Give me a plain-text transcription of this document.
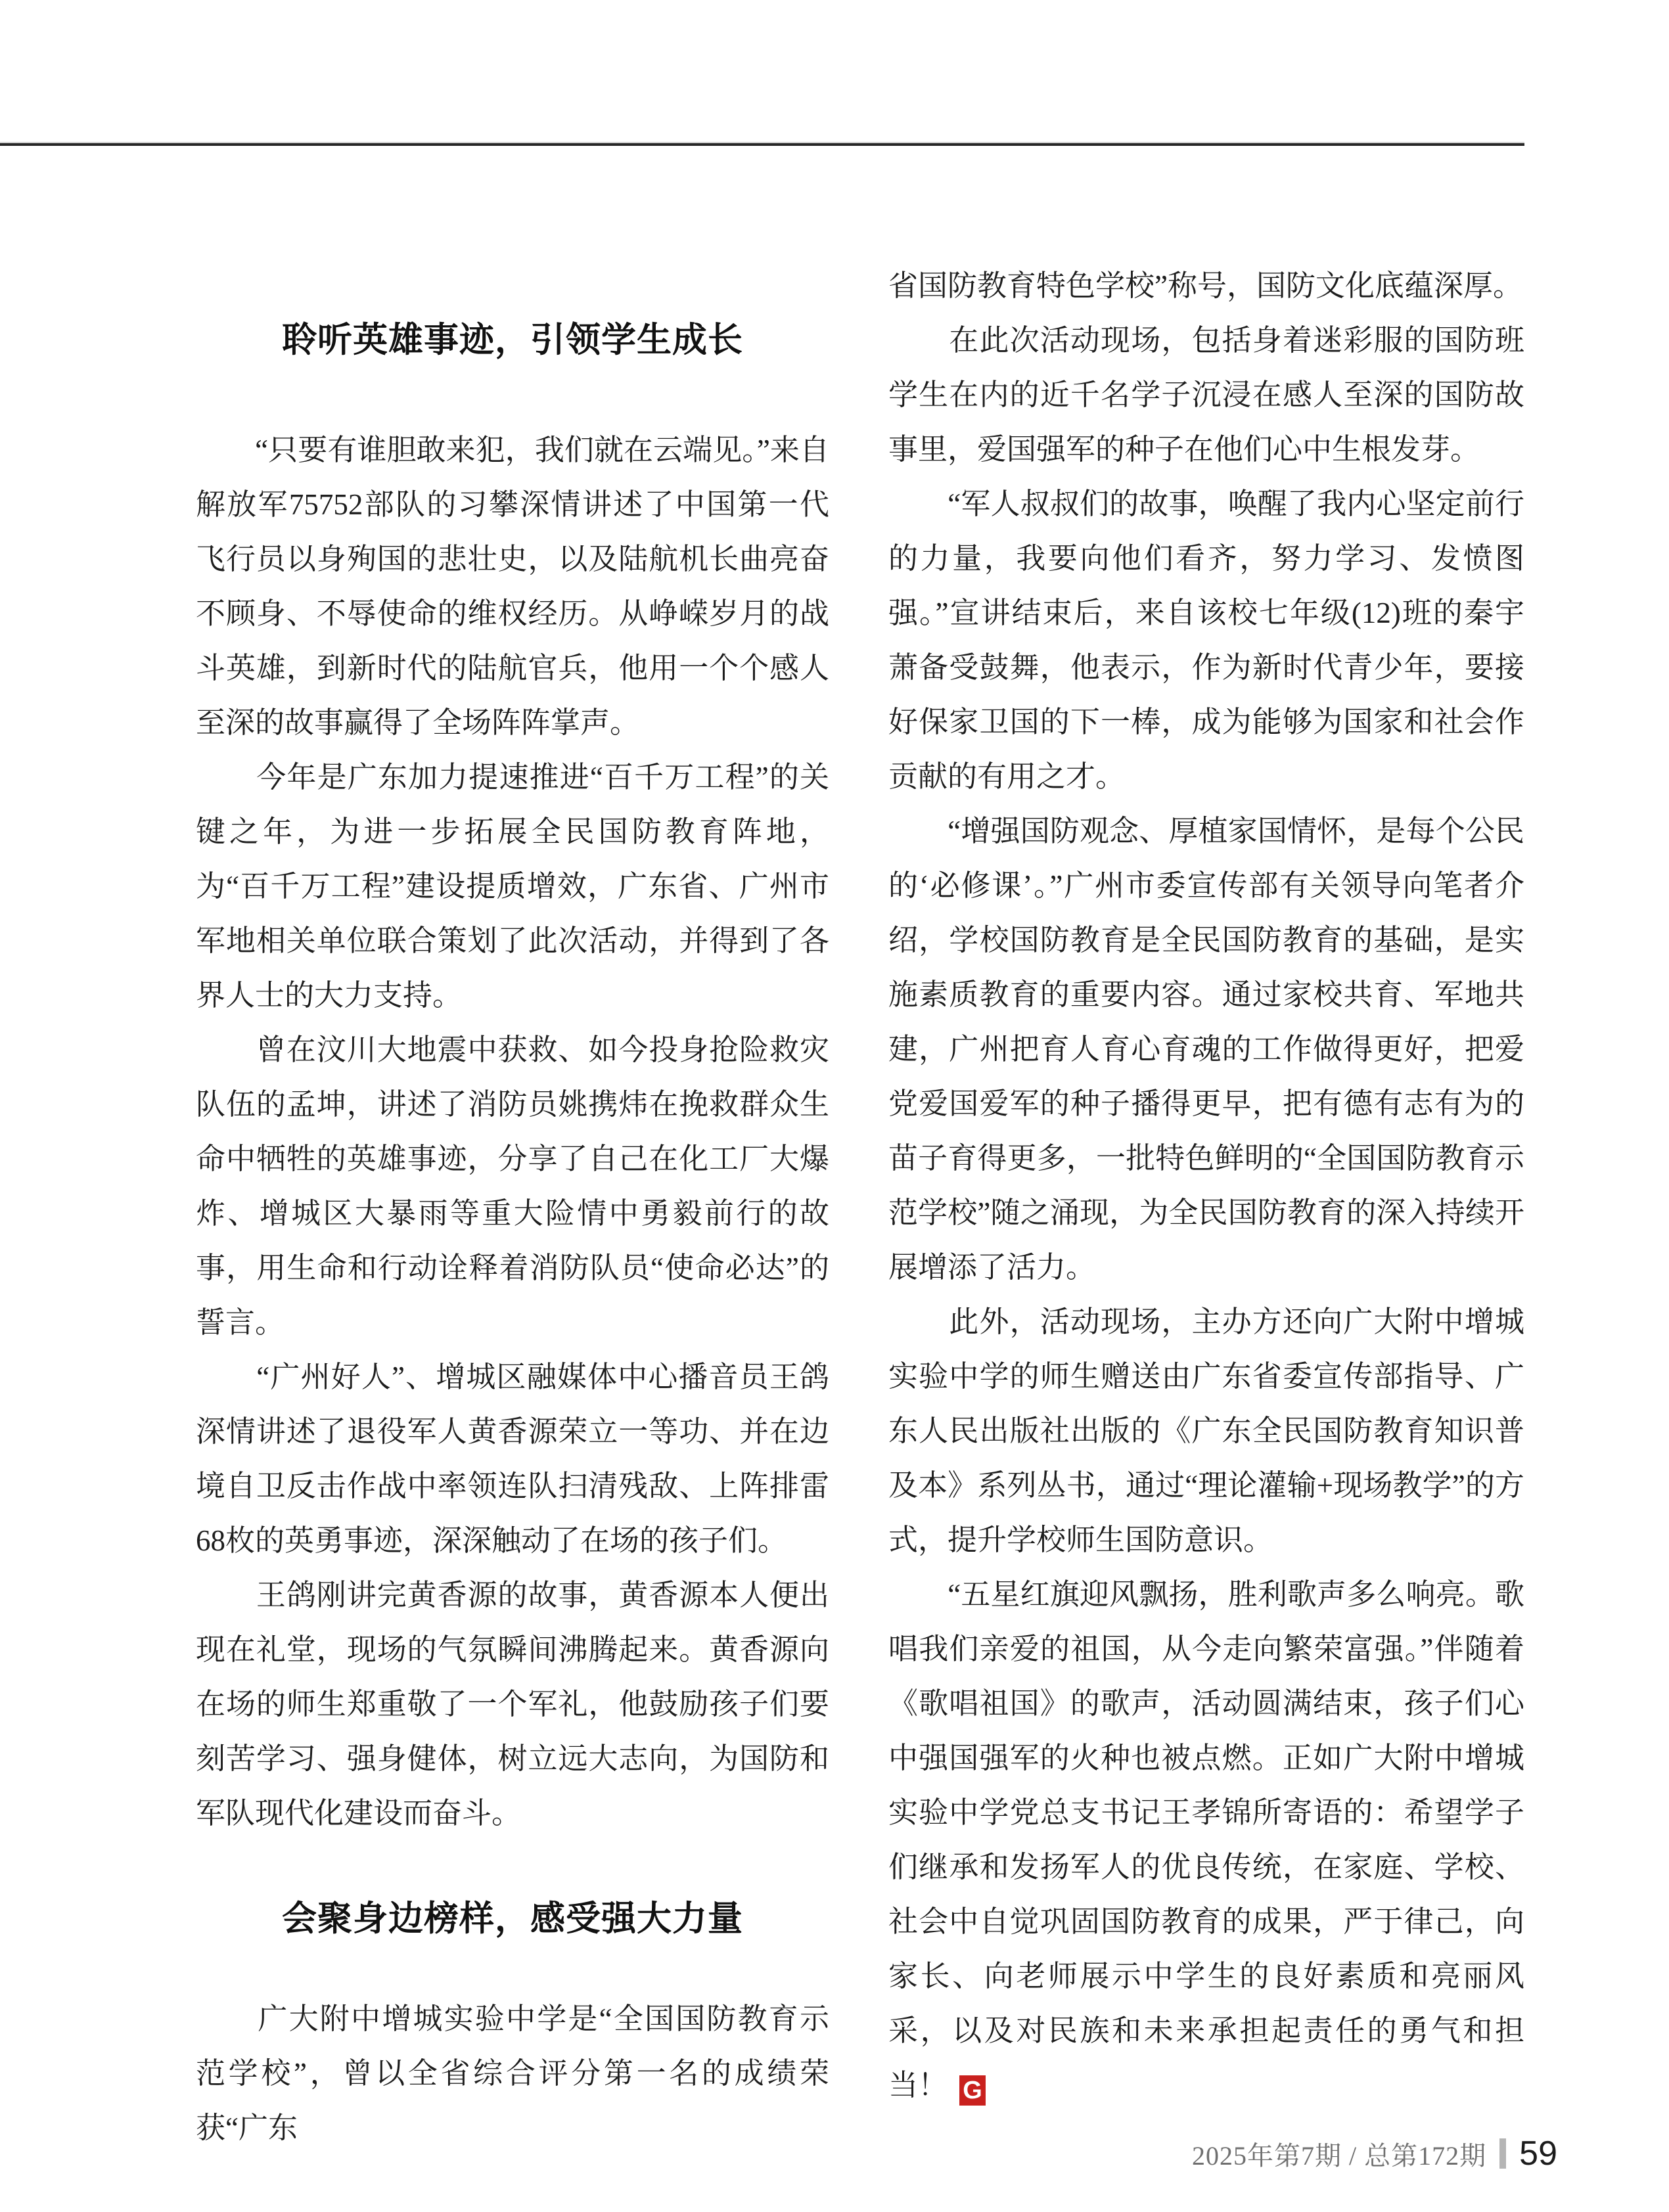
聆听英雄事迹，引领学生成长

　　“只要有谁胆敢来犯，我们就在云端见。”来自解放军75752部队的习攀深情讲述了中国第一代飞行员以身殉国的悲壮史，以及陆航机长曲亮奋不顾身、不辱使命的维权经历。从峥嵘岁月的战斗英雄，到新时代的陆航官兵，他用一个个感人至深的故事赢得了全场阵阵掌声。

　　今年是广东加力提速推进“百千万工程”的关键之年，为进一步拓展全民国防教育阵地，为“百千万工程”建设提质增效，广东省、广州市军地相关单位联合策划了此次活动，并得到了各界人士的大力支持。

　　曾在汶川大地震中获救、如今投身抢险救灾队伍的孟坤，讲述了消防员姚携炜在挽救群众生命中牺牲的英雄事迹，分享了自己在化工厂大爆炸、增城区大暴雨等重大险情中勇毅前行的故事，用生命和行动诠释着消防队员“使命必达”的誓言。

　　“广州好人”、增城区融媒体中心播音员王鸽深情讲述了退役军人黄香源荣立一等功、并在边境自卫反击作战中率领连队扫清残敌、上阵排雷68枚的英勇事迹，深深触动了在场的孩子们。

　　王鸽刚讲完黄香源的故事，黄香源本人便出现在礼堂，现场的气氛瞬间沸腾起来。黄香源向在场的师生郑重敬了一个军礼，他鼓励孩子们要刻苦学习、强身健体，树立远大志向，为国防和军队现代化建设而奋斗。

会聚身边榜样，感受强大力量

　　广大附中增城实验中学是“全国国防教育示范学校”，曾以全省综合评分第一名的成绩荣获“广东

省国防教育特色学校”称号，国防文化底蕴深厚。

　　在此次活动现场，包括身着迷彩服的国防班学生在内的近千名学子沉浸在感人至深的国防故事里，爱国强军的种子在他们心中生根发芽。

　　“军人叔叔们的故事，唤醒了我内心坚定前行的力量，我要向他们看齐，努力学习、发愤图强。”宣讲结束后，来自该校七年级(12)班的秦宇萧备受鼓舞，他表示，作为新时代青少年，要接好保家卫国的下一棒，成为能够为国家和社会作贡献的有用之才。

　　“增强国防观念、厚植家国情怀，是每个公民的‘必修课’。”广州市委宣传部有关领导向笔者介绍，学校国防教育是全民国防教育的基础，是实施素质教育的重要内容。通过家校共育、军地共建，广州把育人育心育魂的工作做得更好，把爱党爱国爱军的种子播得更早，把有德有志有为的苗子育得更多，一批特色鲜明的“全国国防教育示范学校”随之涌现，为全民国防教育的深入持续开展增添了活力。

　　此外，活动现场，主办方还向广大附中增城实验中学的师生赠送由广东省委宣传部指导、广东人民出版社出版的《广东全民国防教育知识普及本》系列丛书，通过“理论灌输+现场教学”的方式，提升学校师生国防意识。

　　“五星红旗迎风飘扬，胜利歌声多么响亮。歌唱我们亲爱的祖国，从今走向繁荣富强。”伴随着《歌唱祖国》的歌声，活动圆满结束，孩子们心中强国强军的火种也被点燃。正如广大附中增城实验中学党总支书记王孝锦所寄语的：希望学子们继承和发扬军人的优良传统，在家庭、学校、社会中自觉巩固国防教育的成果，严于律己，向家长、向老师展示中学生的良好素质和亮丽风采，以及对民族和未来承担起责任的勇气和担当！ G

2025年第7期 / 总第172期 59
